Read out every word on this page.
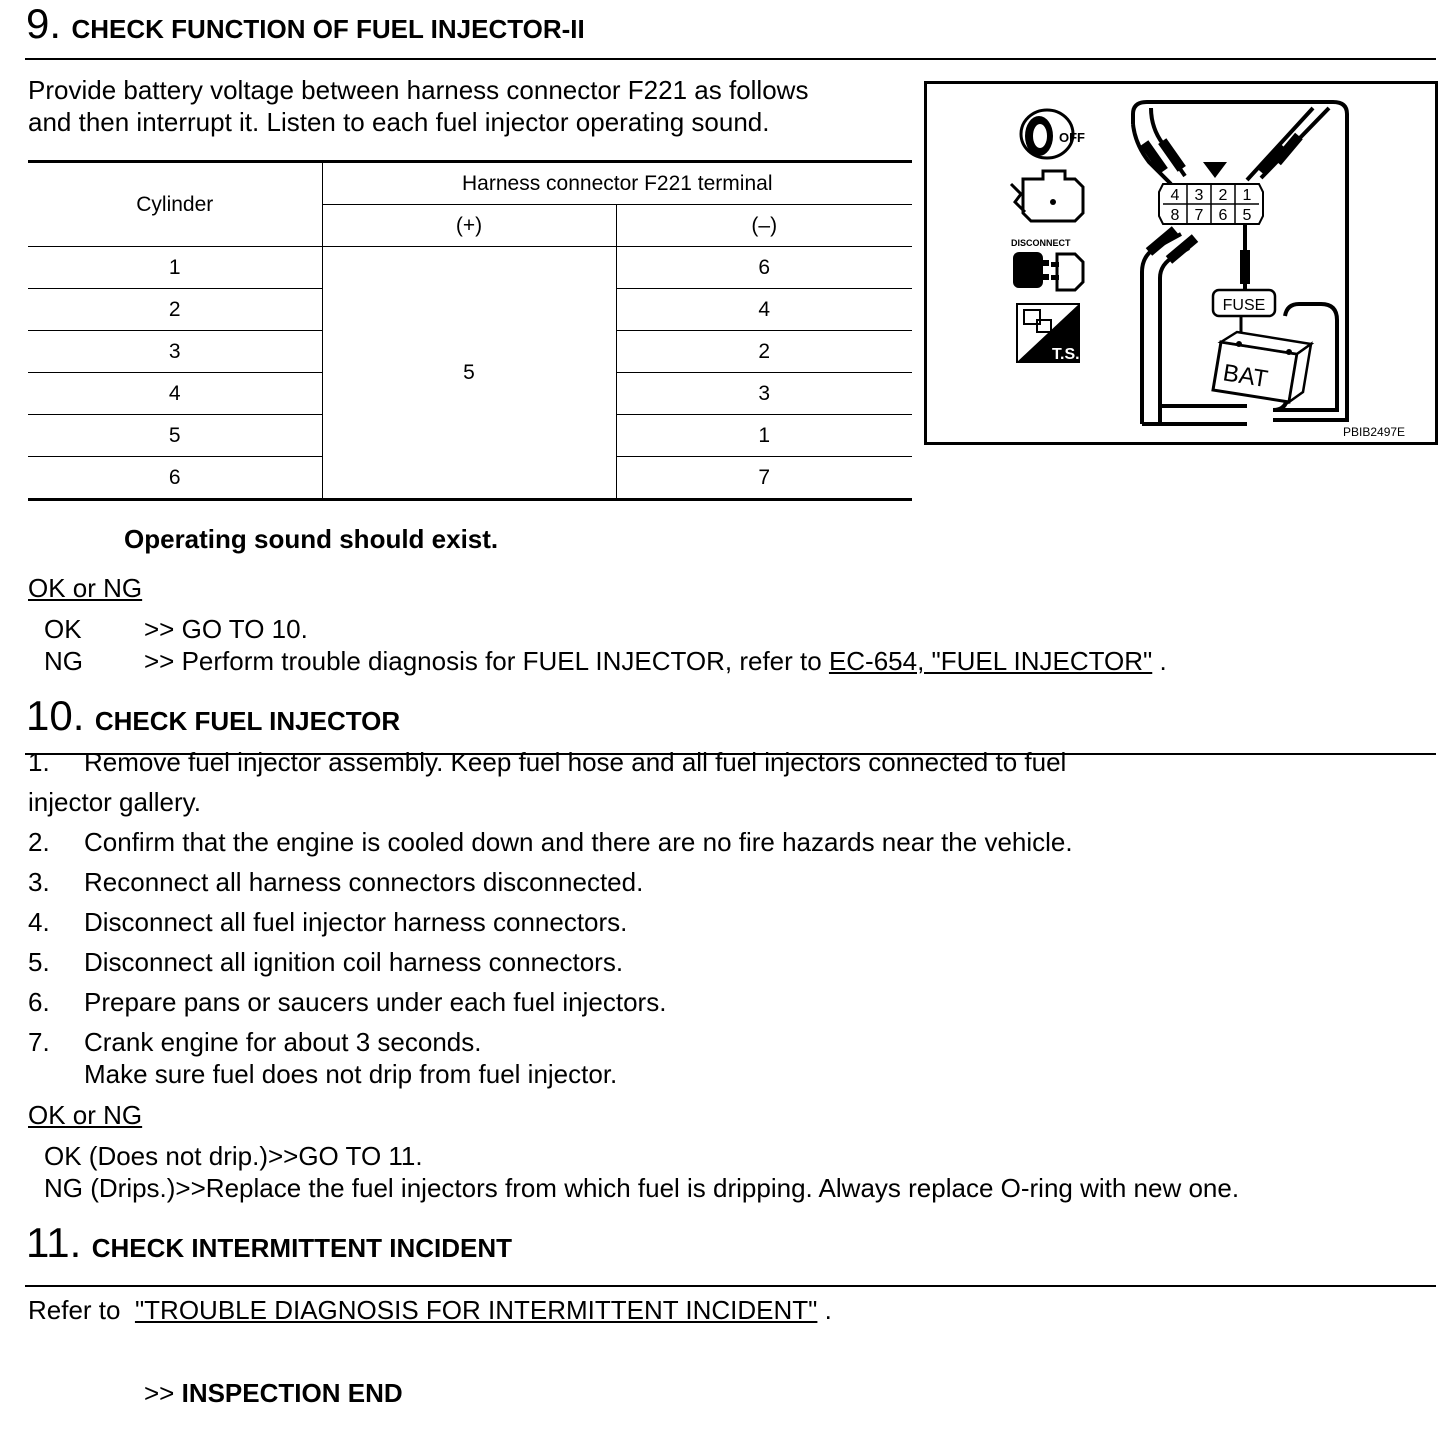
9. CHECK FUNCTION OF FUEL INJECTOR-II
Provide battery voltage between harness connector F221 as follows
and then interrupt it. Listen to each fuel injector operating sound.
Cylinder	Harness connector F221 terminal	
	(+)	(–)
1	5	6
2		4
3		2
4		3
5		1
6		7
OFF
DISCONNECT
T.S.
4 3 2 1
8 7 6 5
FUSE
BAT
PBIB2497E
Operating sound should exist.
OK or NG
OK >> GO TO 10.
NG >> Perform trouble diagnosis for FUEL INJECTOR, refer to EC-654, "FUEL INJECTOR" .
10. CHECK FUEL INJECTOR
1. Remove fuel injector assembly. Keep fuel hose and all fuel injectors connected to fuel
injector gallery.
2. Confirm that the engine is cooled down and there are no fire hazards near the vehicle.
3. Reconnect all harness connectors disconnected.
4. Disconnect all fuel injector harness connectors.
5. Disconnect all ignition coil harness connectors.
6. Prepare pans or saucers under each fuel injectors.
7. Crank engine for about 3 seconds.
Make sure fuel does not drip from fuel injector.
OK or NG
OK (Does not drip.)>>GO TO 11.
NG (Drips.)>>Replace the fuel injectors from which fuel is dripping. Always replace O-ring with new one.
11. CHECK INTERMITTENT INCIDENT
Refer to  "TROUBLE DIAGNOSIS FOR INTERMITTENT INCIDENT" .
>> INSPECTION END
